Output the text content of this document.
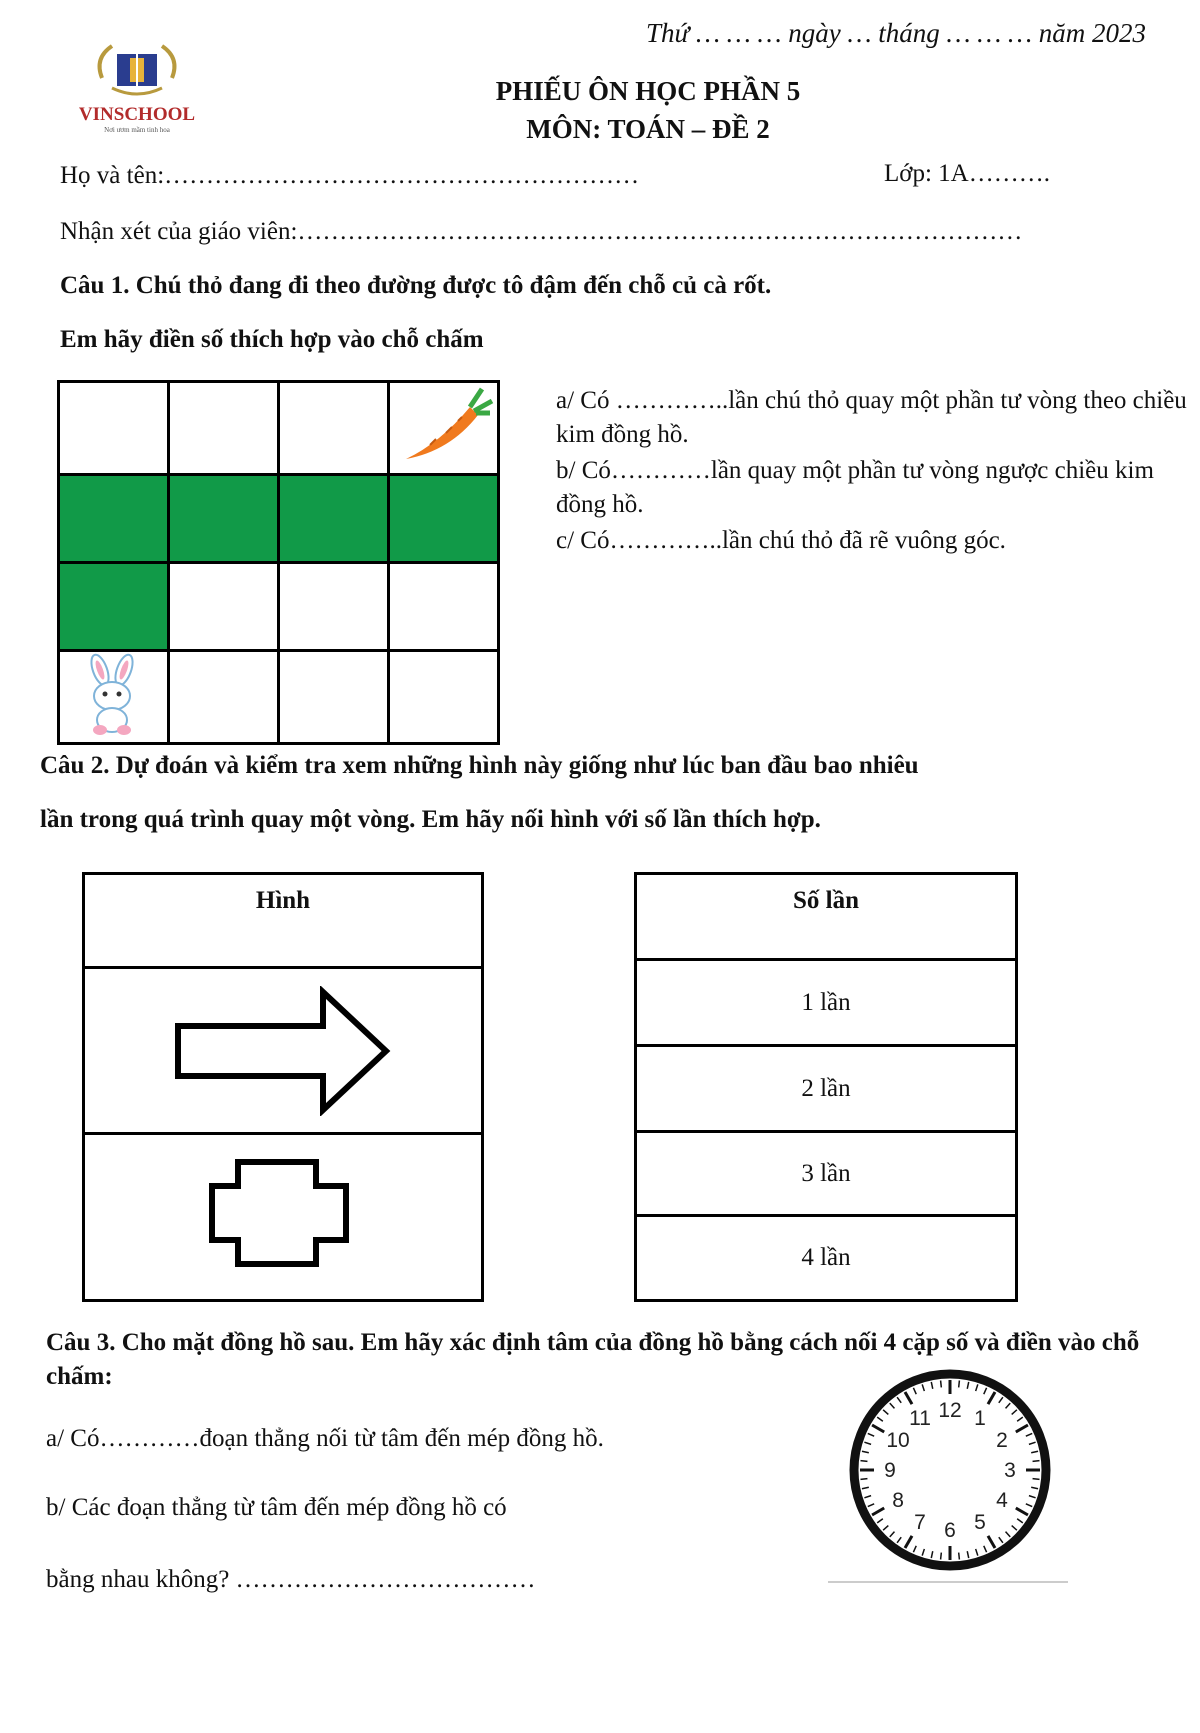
Thứ … … … ngày … tháng … … … năm 2023
VINSCHOOL
Nơi ươm mầm tinh hoa
PHIẾU ÔN HỌC PHẦN 5
MÔN: TOÁN – ĐỀ 2
Họ và tên:…………………………………………………	Lớp: 1A……….
Nhận xét của giáo viên:……………………………………………………………………………
Câu 1. Chú thỏ đang đi theo đường được tô đậm đến chỗ củ cà rốt.
Em hãy điền số thích hợp vào chỗ chấm

a/ Có …………..lần chú thỏ quay một phần tư vòng theo chiều kim đồng hồ.
b/ Có…………lần quay một phần tư vòng ngược chiều kim đồng hồ.
c/ Có…………..lần chú thỏ đã rẽ vuông góc.
Câu 2. Dự đoán và kiểm tra xem những hình này giống như lúc ban đầu bao nhiêu
lần trong quá trình quay một vòng. Em hãy nối hình với số lần thích hợp.
Hình	Số lần
1 lần
2 lần
3 lần
4 lần
Câu 3. Cho mặt đồng hồ sau. Em hãy xác định tâm của đồng hồ bằng cách nối 4 cặp số và điền vào chỗ chấm:
a/ Có…………đoạn thẳng nối từ tâm đến mép đồng hồ.
b/ Các đoạn thẳng từ tâm đến mép đồng hồ có
bằng nhau không? ………………………………
12 1
2
3
4
5
6
7
8
9
10
11
